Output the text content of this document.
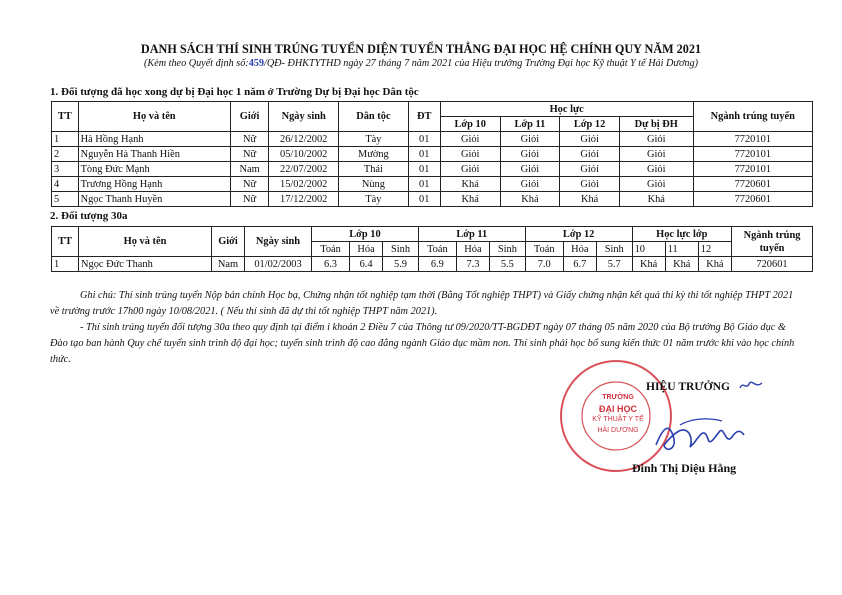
DANH SÁCH THÍ SINH TRÚNG TUYỂN DIỆN TUYỂN THẲNG ĐẠI HỌC HỆ CHÍNH QUY NĂM 2021
(Kèm theo Quyết định số:459/QĐ- ĐHKTYTHD ngày 27 tháng 7 năm 2021 của Hiệu trưởng Trường Đại học Kỹ thuật Y tế Hải Dương)
1. Đối tượng đã học xong dự bị Đại học 1 năm ở Trường Dự bị Đại học Dân tộc
TT	Họ và tên	Giới	Ngày sinh	Dân tộc	ĐT	Học lực				Ngành trúng tuyển
						Lớp 10	Lớp 11	Lớp 12	Dự bị ĐH	
1	Hà Hồng Hạnh	Nữ	26/12/2002	Tày	01	Giỏi	Giỏi	Giỏi	Giỏi	7720101
2	Nguyễn Hà Thanh Hiền	Nữ	05/10/2002	Mường	01	Giỏi	Giỏi	Giỏi	Giỏi	7720101
3	Tòng Đức Mạnh	Nam	22/07/2002	Thái	01	Giỏi	Giỏi	Giỏi	Giỏi	7720101
4	Trương Hồng Hạnh	Nữ	15/02/2002	Nùng	01	Khá	Giỏi	Giỏi	Giỏi	7720601
5	Ngọc Thanh Huyền	Nữ	17/12/2002	Tày	01	Khá	Khá	Khá	Khá	7720601
2. Đối tượng 30a
TT	Họ và tên	Giới	Ngày sinh	Lớp 10			Lớp 11			Lớp 12			Học lực lớp			Ngành trúng tuyển
				Toán	Hóa	Sinh	Toán	Hóa	Sinh	Toán	Hóa	Sinh	10	11	12	
1	Ngọc Đức Thanh	Nam	01/02/2003	6.3	6.4	5.9	6.9	7.3	5.5	7.0	6.7	5.7	Khá	Khá	Khá	720601
Ghi chú: Thí sinh trúng tuyển Nộp bản chính Học bạ, Chứng nhận tốt nghiệp tạm thời (Bằng Tốt nghiệp THPT) và Giấy chứng nhận kết quả thi kỳ thi tốt nghiệp THPT 2021 về trường trước 17h00 ngày 10/08/2021. ( Nếu thí sinh đã dự thi tốt nghiệp THPT năm 2021).
- Thí sinh trúng tuyển đối tượng 30a theo quy định tại điểm i khoản 2 Điều 7 của Thông tư 09/2020/TT-BGDĐT ngày 07 tháng 05 năm 2020 của Bộ trưởng Bộ Giáo dục & Đào tạo ban hành Quy chế tuyển sinh trình độ đại học; tuyển sinh trình độ cao đẳng ngành Giáo dục mầm non. Thí sinh phải học bổ sung kiến thức 01 năm trước khi vào học chính thức.
TRƯỜNG
ĐẠI HỌC
KỸ THUẬT Y TẾ
HẢI DƯƠNG
HIỆU TRƯỞNG
Đinh Thị Diệu Hằng
